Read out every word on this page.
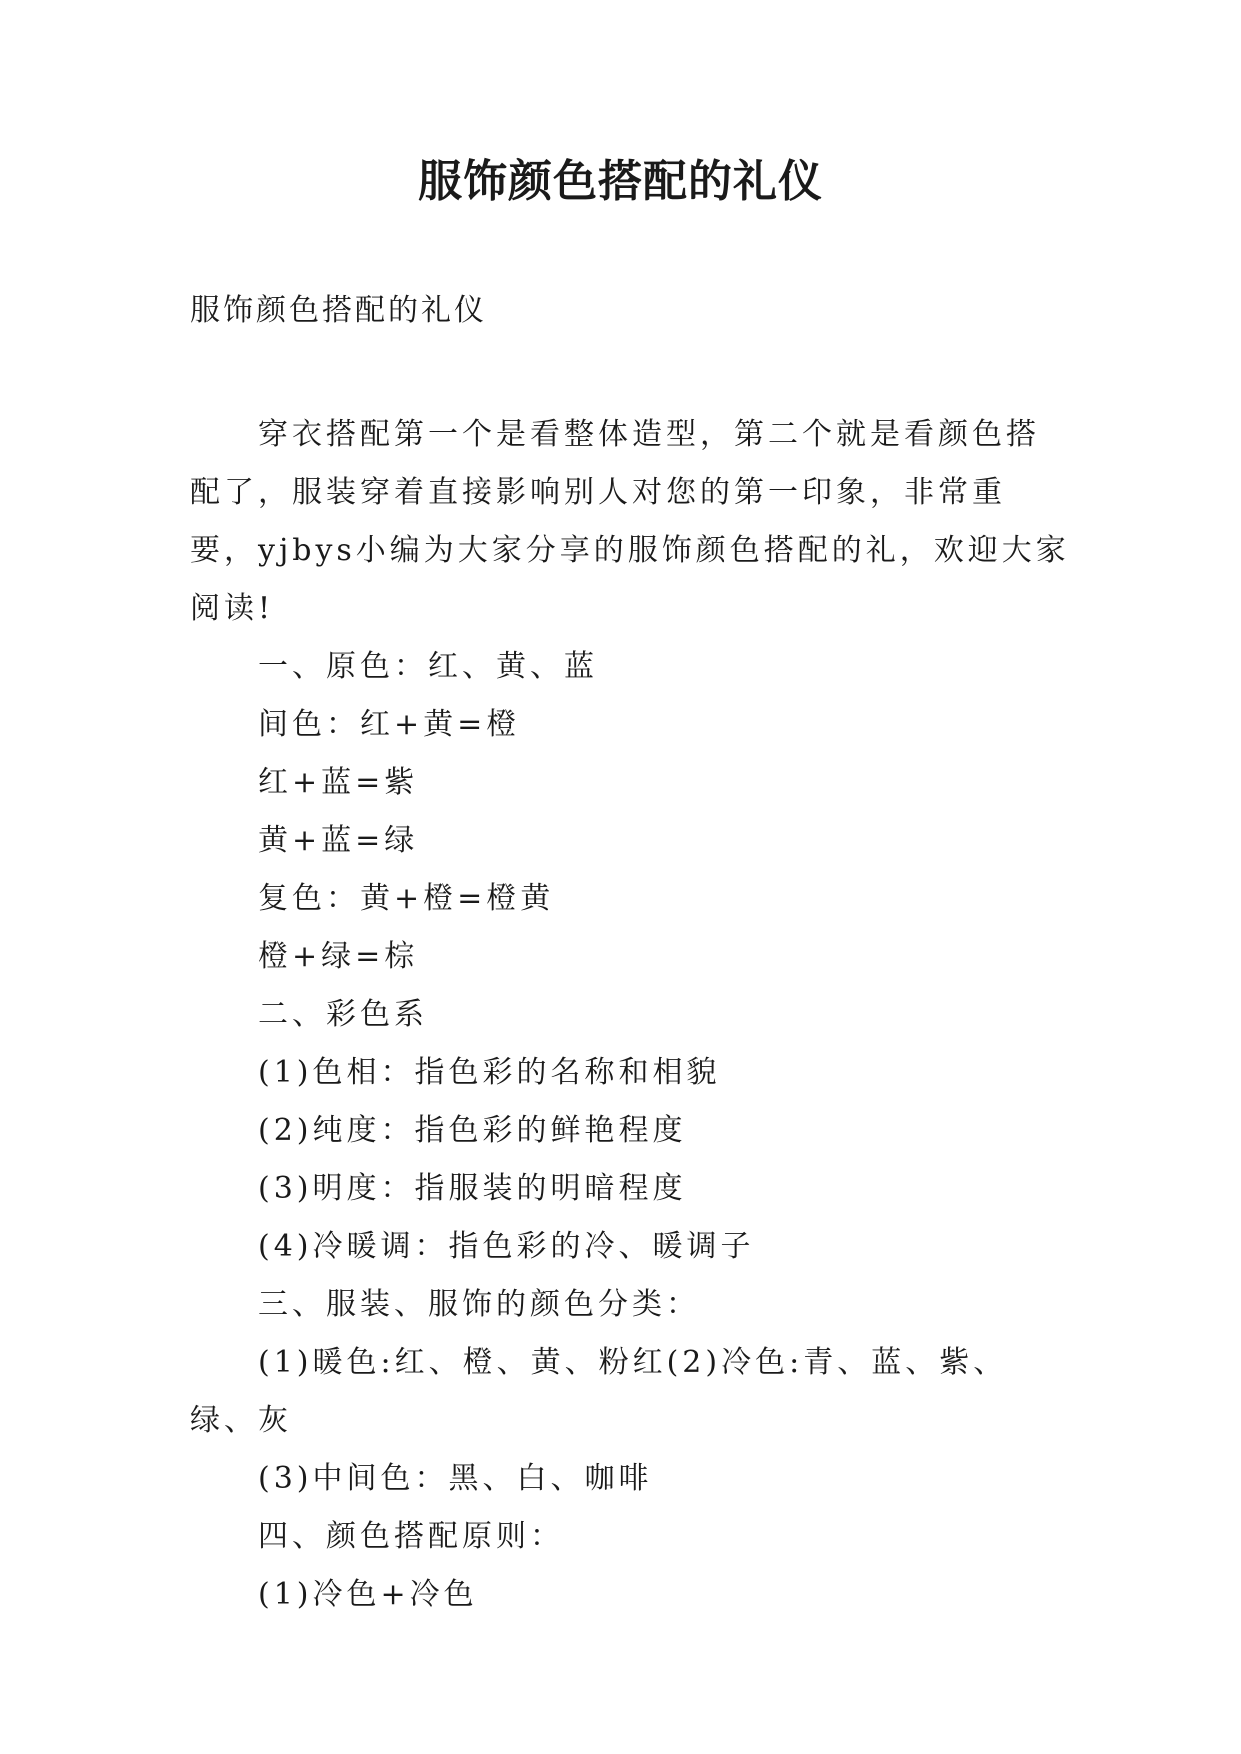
服饰颜色搭配的礼仪

服饰颜色搭配的礼仪

穿衣搭配第一个是看整体造型，第二个就是看颜色搭配了，服装穿着直接影响别人对您的第一印象，非常重要，yjbys小编为大家分享的服饰颜色搭配的礼，欢迎大家阅读!

一、原色：红、黄、蓝

间色：红+黄=橙

红+蓝=紫

黄+蓝=绿

复色：黄+橙=橙黄

橙+绿=棕

二、彩色系

(1)色相：指色彩的名称和相貌

(2)纯度：指色彩的鲜艳程度

(3)明度：指服装的明暗程度

(4)冷暖调：指色彩的冷、暖调子

三、服装、服饰的颜色分类：

(1)暖色:红、橙、黄、粉红(2)冷色:青、蓝、紫、绿、灰

(3)中间色：黑、白、咖啡

四、颜色搭配原则：

(1)冷色+冷色
